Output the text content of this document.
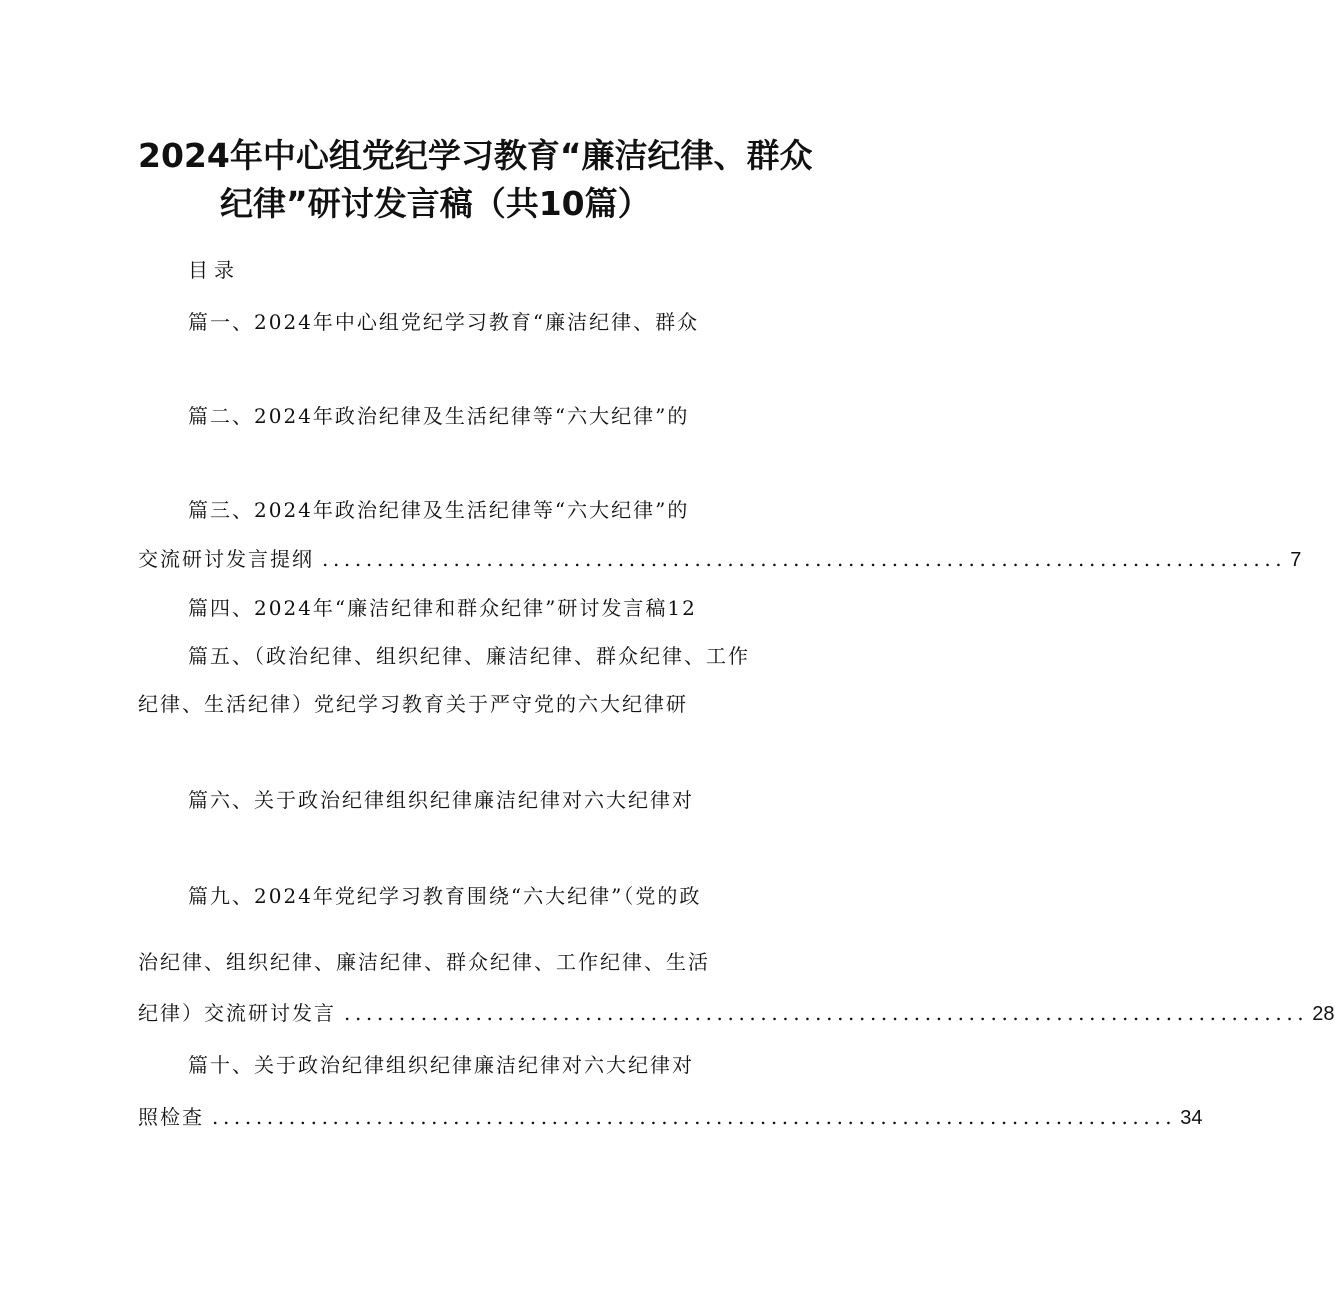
2024年中心组党纪学习教育“廉洁纪律、群众
纪律”研讨发言稿（共10篇）
目录
篇一、2024年中心组党纪学习教育“廉洁纪律、群众
篇二、2024年政治纪律及生活纪律等“六大纪律”的
篇三、2024年政治纪律及生活纪律等“六大纪律”的
交流研讨发言提纲 ........................................................................................ 7
篇四、2024年“廉洁纪律和群众纪律”研讨发言稿12
篇五、（政治纪律、组织纪律、廉洁纪律、群众纪律、工作
纪律、生活纪律）党纪学习教育关于严守党的六大纪律研
篇六、关于政治纪律组织纪律廉洁纪律对六大纪律对
篇九、2024年党纪学习教育围绕“六大纪律”（党的政
治纪律、组织纪律、廉洁纪律、群众纪律、工作纪律、生活
纪律）交流研讨发言 ........................................................................................ 28
篇十、关于政治纪律组织纪律廉洁纪律对六大纪律对
照检查 ........................................................................................ 34
